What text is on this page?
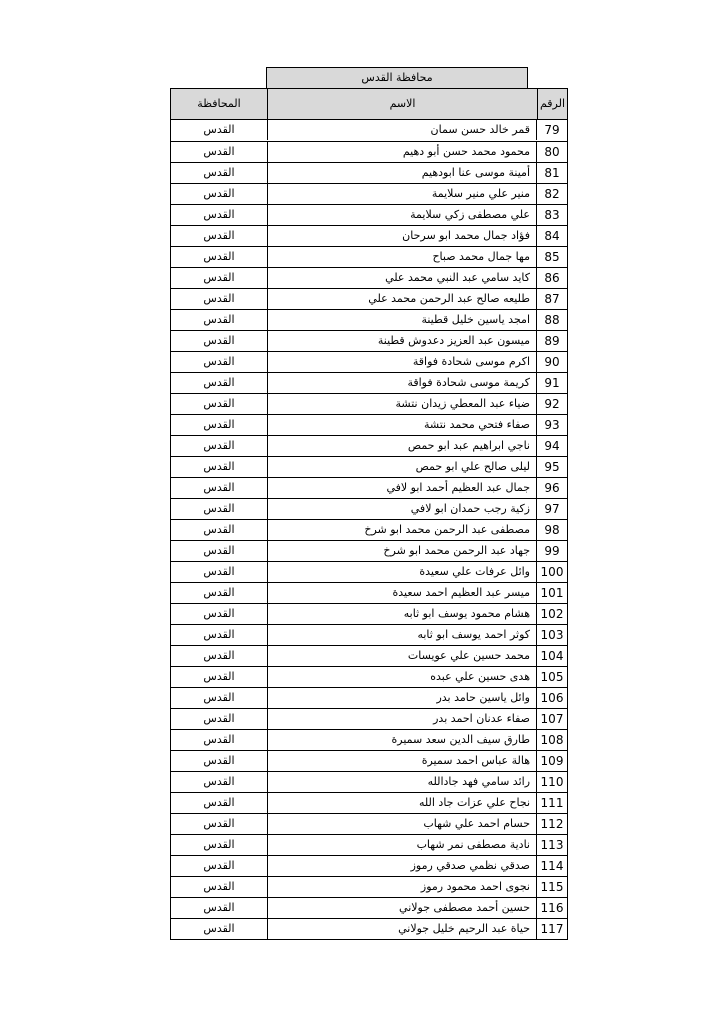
محافظة القدس
المحافظة	الاسم	الرقم
القدس	قمر خالد حسن سمان	79
القدس	محمود محمد حسن أبو دهيم	80
القدس	أمينة موسى عنا ابودهيم	81
القدس	منير علي منير سلايمة	82
القدس	علي مصطفى زكي سلايمة	83
القدس	فؤاد جمال محمد ابو سرحان	84
القدس	مها جمال محمد صباح	85
القدس	كايد سامي عبد النبي محمد علي	86
القدس	طليعه صالح عبد الرحمن محمد علي	87
القدس	امجد ياسين خليل قطينة	88
القدس	ميسون عبد العزيز دعدوش قطينة	89
القدس	اكرم موسى شحادة فواقة	90
القدس	كريمة موسى شحادة فواقة	91
القدس	ضياء عبد المعطي زيدان نتشة	92
القدس	صفاء فتحي محمد نتشة	93
القدس	ناجي ابراهيم عبد ابو حمص	94
القدس	ليلى صالح علي ابو حمص	95
القدس	جمال عبد العظيم أحمد ابو لافي	96
القدس	زكية رجب حمدان ابو لافي	97
القدس	مصطفى عبد الرحمن محمد ابو شرخ	98
القدس	جهاد عبد الرحمن محمد ابو شرخ	99
القدس	وائل عرفات علي سعيدة 100
القدس	ميسر عبد العظيم احمد سعيدة 101
القدس	هشام محمود يوسف ابو ثابه 102
القدس	كوثر احمد يوسف ابو ثابه 103
القدس	محمد حسين علي عويسات 104
القدس	هدى حسين علي عبده 105
القدس	وائل ياسين حامد بدر 106
القدس	صفاء عدنان احمد بدر 107
القدس	طارق سيف الدين سعد سميرة 108
القدس	هالة عباس احمد سميرة 109
القدس	رائد سامي فهد جادالله 110
القدس	نجاح علي عزات جاد الله 111
القدس	حسام احمد علي شهاب 112
القدس	نادية مصطفى نمر شهاب 113
القدس	صدقي نظمي صدقي رموز 114
القدس	نجوى احمد محمود رموز 115
القدس	حسين أحمد مصطفى جولاني 116
القدس	حياة عبد الرحيم خليل جولاني 117
